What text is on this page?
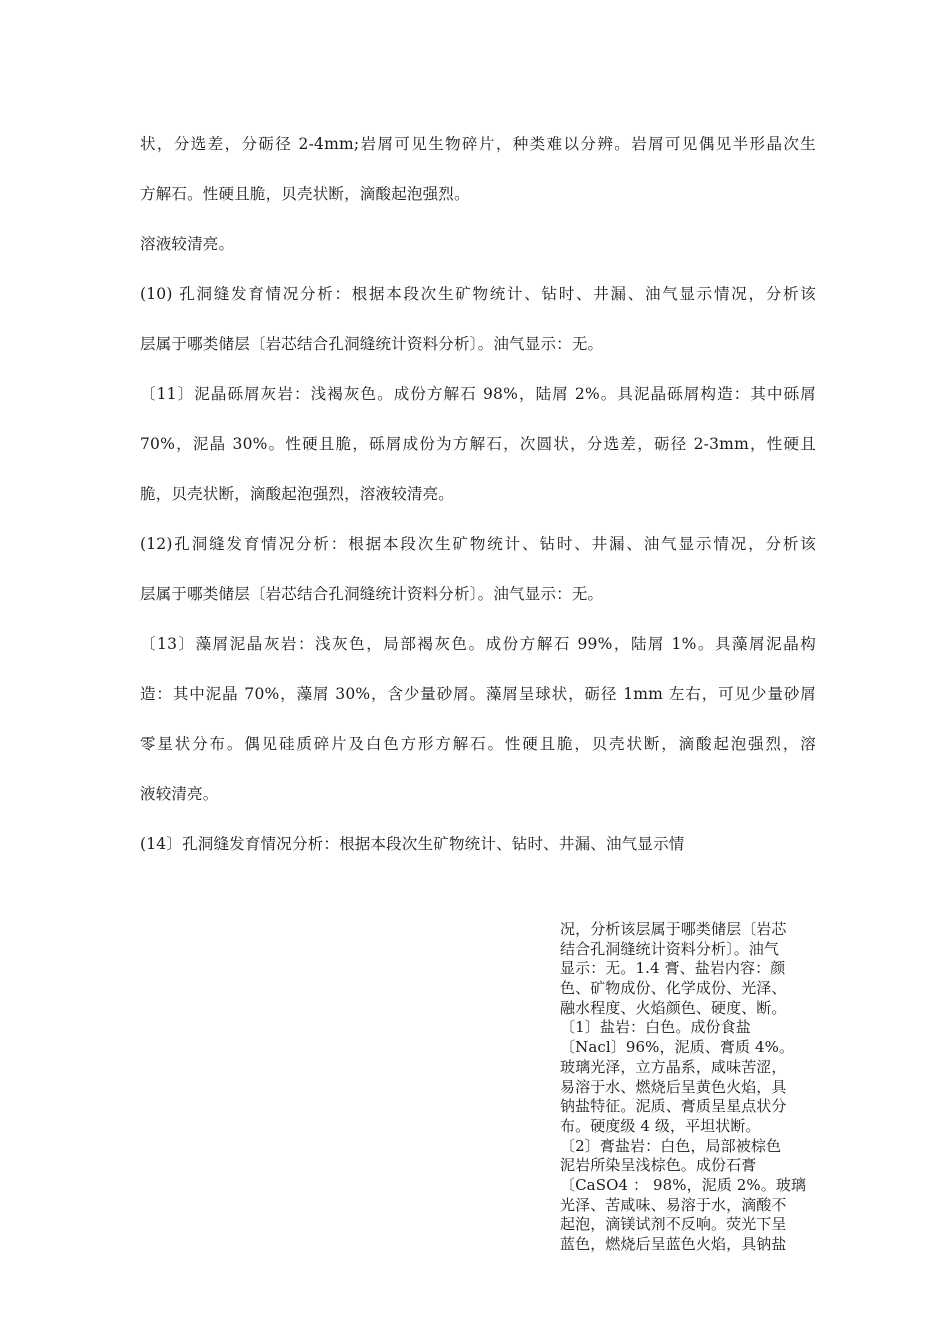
状，分选差，分砺径 2-4mm;岩屑可见生物碎片，种类难以分辨。岩屑可见偶见半形晶次生
方解石。性硬且脆，贝壳状断，滴酸起泡强烈。
溶液较清亮。
(10) 孔洞缝发育情况分析：根据本段次生矿物统计、钻时、井漏、油气显示情况，分析该
层属于哪类储层〔岩芯结合孔洞缝统计资料分析〕。油气显示：无。
〔11〕泥晶砾屑灰岩：浅褐灰色。成份方解石 98%，陆屑 2%。具泥晶砾屑构造：其中砾屑
70%，泥晶 30%。性硬且脆，砾屑成份为方解石，次圆状，分选差，砺径 2-3mm，性硬且
脆，贝壳状断，滴酸起泡强烈，溶液较清亮。
(12)孔洞缝发育情况分析：根据本段次生矿物统计、钻时、井漏、油气显示情况，分析该
层属于哪类储层〔岩芯结合孔洞缝统计资料分析〕。油气显示：无。
〔13〕藻屑泥晶灰岩：浅灰色，局部褐灰色。成份方解石 99%，陆屑 1%。具藻屑泥晶构
造：其中泥晶 70%，藻屑 30%，含少量砂屑。藻屑呈球状，砺径 1mm 左右，可见少量砂屑
零星状分布。偶见硅质碎片及白色方形方解石。性硬且脆，贝壳状断，滴酸起泡强烈，溶
液较清亮。
(14〕孔洞缝发育情况分析：根据本段次生矿物统计、钻时、井漏、油气显示情
况，分析该层属于哪类储层〔岩芯
结合孔洞缝统计资料分析〕。油气
显示：无。1.4 膏、盐岩内容：颜
色、矿物成份、化学成份、光泽、
融水程度、火焰颜色、硬度、断。
〔1〕盐岩：白色。成份食盐
〔Nacl〕96%，泥质、膏质 4%。
玻璃光泽，立方晶系，咸味苦涩，
易溶于水、燃烧后呈黄色火焰，具
钠盐特征。泥质、膏质呈星点状分
布。硬度级 4 级，平坦状断。
〔2〕膏盐岩：白色，局部被棕色
泥岩所染呈浅棕色。成份石膏
〔CaSO4 ： 98%，泥质 2%。玻璃
光泽、苦咸味、易溶于水，滴酸不
起泡，滴镁试剂不反响。荧光下呈
蓝色，燃烧后呈蓝色火焰，具钠盐
